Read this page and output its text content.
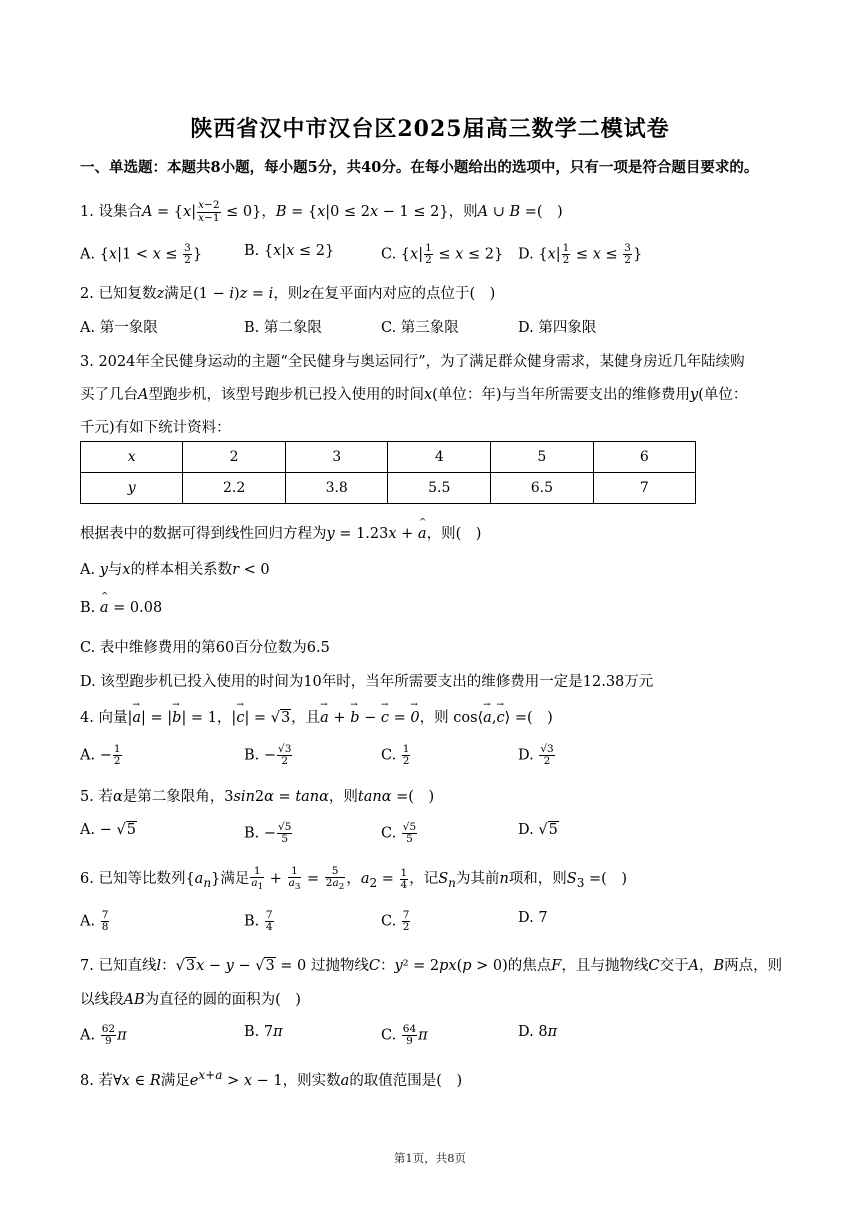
陕西省汉中市汉台区2025届高三数学二模试卷
一、单选题：本题共8小题，每小题5分，共40分。在每小题给出的选项中，只有一项是符合题目要求的。
1. 设集合$A = \{x| \frac{x-2}{x-1} \le 0\}$，B = {x|0 ≤ 2x − 1 ≤ 2}，则A ∪ B =(　)
A. {$x|1 < x \le \frac{3}{2}$ }	B. {x|x ≤ 2}	C. $\{x| \frac{1}{2} \le x \le 2\}$ D. {$x| \frac{1}{2} \le x \le \frac{3}{2}$ }
2. 已知复数z满足(1 − i)z = i，则z在复平面内对应的点位于(　)
A. 第一象限	B. 第二象限	C. 第三象限	D. 第四象限
3. 2024年全民健身运动的主题“全民健身与奥运同行”，为了满足群众健身需求，某健身房近几年陆续购
买了几台A型跑步机，该型号跑步机已投入使用的时间x(单位：年)与当年所需要支出的维修费用y(单位：
千元)有如下统计资料：
x	2	3	4	5	6
y	2.2	3.8	5.5	6.5	7
根据表中的数据可得到线性回归方程为y = 1.23x + ^ a，则(　)
A. y与x的样本相关系数r < 0
B. ^ a = 0.08
C. 表中维修费用的第60百分位数为6.5
D. 该型跑步机已投入使用的时间为10年时，当年所需要支出的维修费用一定是12.38万元
4. 向量|a →| = |b →| = 1，|c →| = √3，且a → + b → − c → = 0 →，则 cos⟨a →,c →⟩ =(　)
A. − $\frac{1}{2}$	B. − $\frac{√3}{2}$	C. $\frac{1}{2}$	D. $\frac{√3}{2}$
5. 若α是第二象限角，3sin2α = tanα，则tanα =(　)
A. − √5	B. − $\frac{√5}{5}$	C. $\frac{√5}{5}$	D. √5
6. 已知等比数列$\{a_n\}$满足 $\frac{1}{a_1} + \frac{1}{a_3} = \frac{5}{2a_2}$ ，$a_2 = \frac{1}{4}$ ，记$S_n$为其前n项和，则$S_3$ =(　)
A. $\frac{7}{8}$	B. $\frac{7}{4}$	C. $\frac{7}{2}$	D. 7
7. 已知直线l：√3x − y − √3 = 0 过抛物线C：y² = 2px(p > 0)的焦点F，且与抛物线C交于A，B两点，则
以线段AB为直径的圆的面积为(　)
A. $\frac{62}{9}$ π	B. 7π	C. $\frac{64}{9}$ π	D. 8π
8. 若∀x ∈ R满足$e^{x+a} > x - 1$，则实数a的取值范围是(　)
第1页，共8页
